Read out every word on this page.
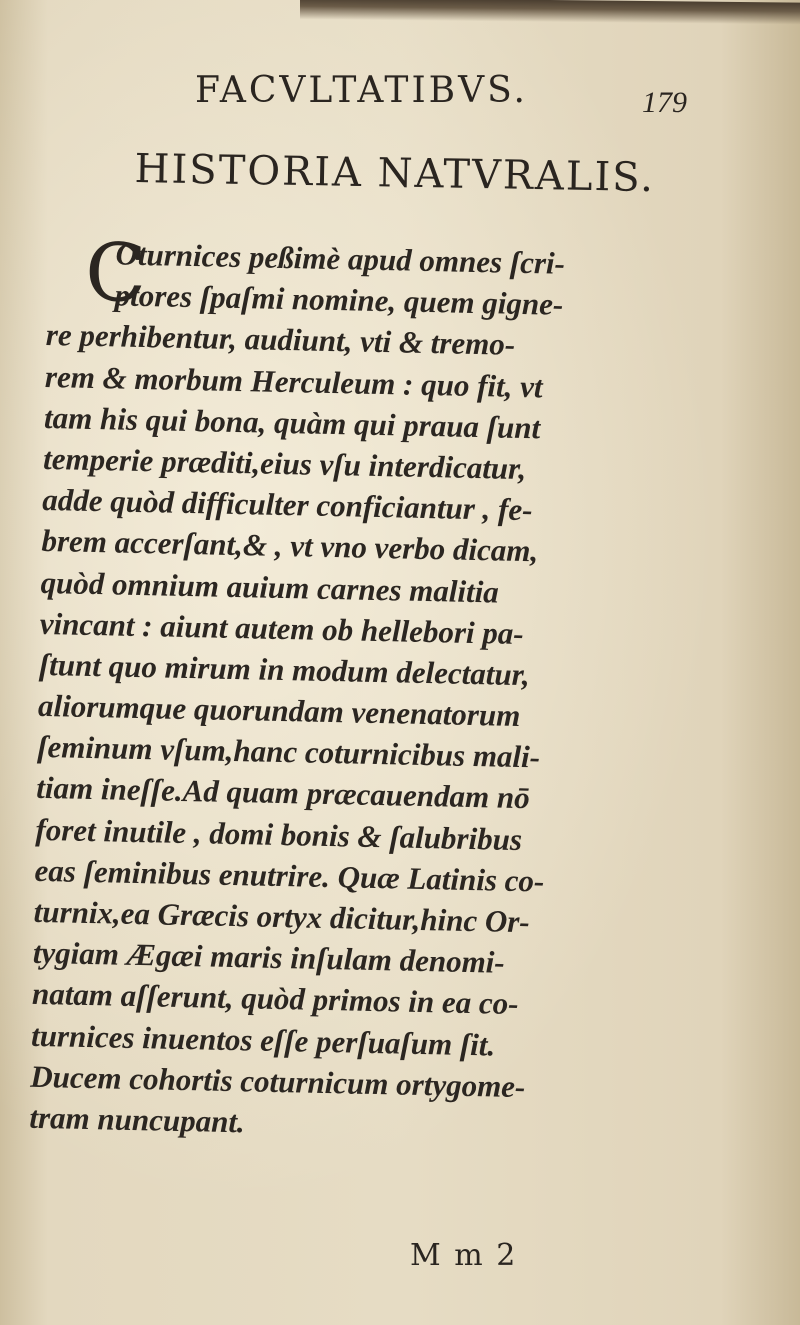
FACVLTATIBVS.	179
HISTORIA NATVRALIS.
C
Oturnices peßimè apud omnes ſcri-
ptores ſpaſmi nomine, quem gigne-
re perhibentur, audiunt, vti & tremo-
rem & morbum Herculeum : quo fit, vt
tam his qui bona, quàm qui praua ſunt
temperie præditi,eius vſu interdicatur,
adde quòd difficulter conficiantur , fe-
brem accerſant,& , vt vno verbo dicam,
quòd omnium auium carnes malitia
vincant : aiunt autem ob hellebori pa-
ſtunt quo mirum in modum delectatur,
aliorumque quorundam venenatorum
ſeminum vſum,hanc coturnicibus mali-
tiam ineſſe.Ad quam præcauendam nō
foret inutile , domi bonis & ſalubribus
eas ſeminibus enutrire. Quæ Latinis co-
turnix,ea Græcis ortyx dicitur,hinc Or-
tygiam Ægæi maris inſulam denomi-
natam aſſerunt, quòd primos in ea co-
turnices inuentos eſſe perſuaſum ſit.
Ducem cohortis coturnicum ortygome-
tram nuncupant.
M m 2
